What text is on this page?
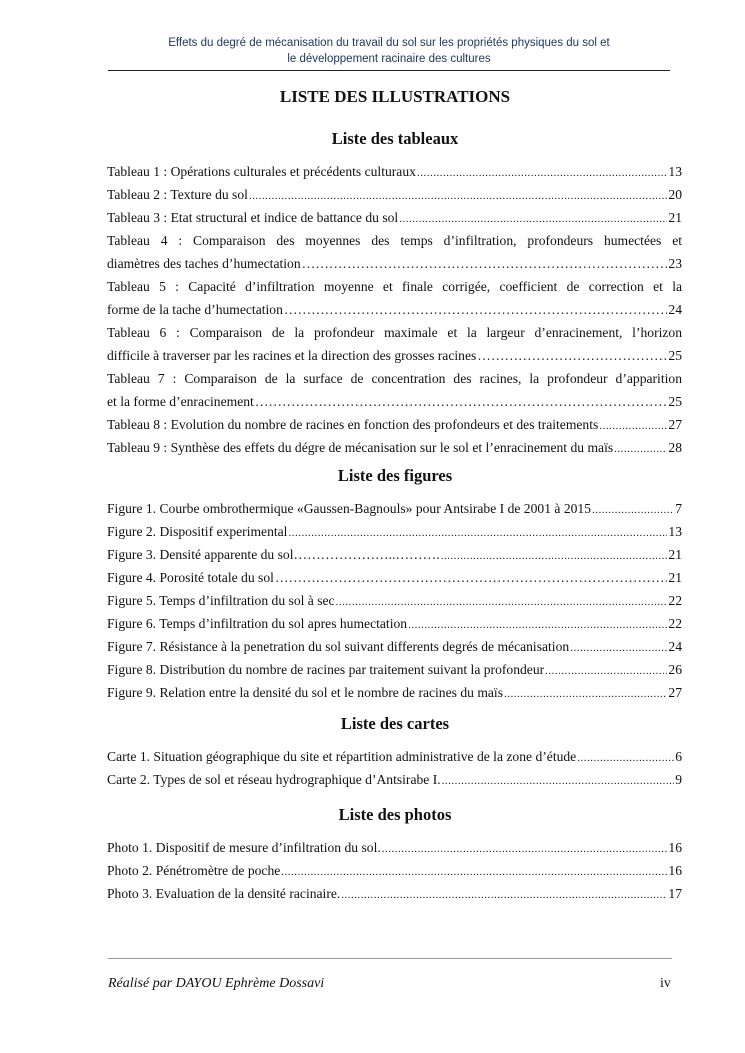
Effets du degré de mécanisation du travail du sol sur les propriétés physiques du sol et
le développement racinaire des cultures
LISTE DES ILLUSTRATIONS
Liste des tableaux
Tableau 1 : Opérations culturales et précédents culturaux .....	13
Tableau 2 : Texture du sol .....	20
Tableau 3 : Etat structural et indice de battance du sol .....	21
Tableau 4 : Comparaison des moyennes des temps d’infiltration, profondeurs humectées et
diamètres des taches d’humectation ……………………………………………………………………………………………………………………………………………	23
Tableau 5 : Capacité d’infiltration moyenne et finale corrigée, coefficient de correction et la
forme de la tache d’humectation ……………………………………………………………………………………………………………………………………………	24
Tableau 6 : Comparaison de la profondeur maximale et la largeur d’enracinement, l’horizon
difficile à traverser par les racines et la direction des grosses racines ……………………………………………………………………………………………………………………………………………	25
Tableau 7 : Comparaison de la surface de concentration des racines, la profondeur d’apparition
et la forme d’enracinement ……………………………………………………………………………………………………………………………………………	25
Tableau 8 : Evolution du nombre de racines en fonction des profondeurs et des traitements .....	27
Tableau 9 : Synthèse des effets du dégre de mécanisation sur le sol et l’enracinement du maïs .....	28
Liste des figures
Figure 1. Courbe ombrothermique «Gaussen-Bagnouls» pour Antsirabe I de 2001 à 2015 .....	7
Figure 2. Dispositif experimental .....	13
Figure 3. Densité apparente du sol…………………..………. .....	21
Figure 4. Porosité totale du sol ……………………………………………………………………………………………………………………………………………	21
Figure 5. Temps d’infiltration du sol à sec .....	22
Figure 6. Temps d’infiltration du sol apres humectation .....	22
Figure 7. Résistance à la penetration du sol suivant differents degrés de mécanisation .....	24
Figure 8. Distribution du nombre de racines par traitement suivant la profondeur .....	26
Figure 9. Relation entre la densité du sol et le nombre de racines du maïs .....	27
Liste des cartes
Carte 1. Situation géographique du site et répartition administrative de la zone d’étude .....	6
Carte 2. Types de sol et réseau hydrographique d’Antsirabe I. .....	9
Liste des photos
Photo 1. Dispositif de mesure d’infiltration du sol. .....	16
Photo 2. Pénétromètre de poche .....	16
Photo 3. Evaluation de la densité racinaire. .....	17
Réalisé par DAYOU Ephrème Dossavi	iv
